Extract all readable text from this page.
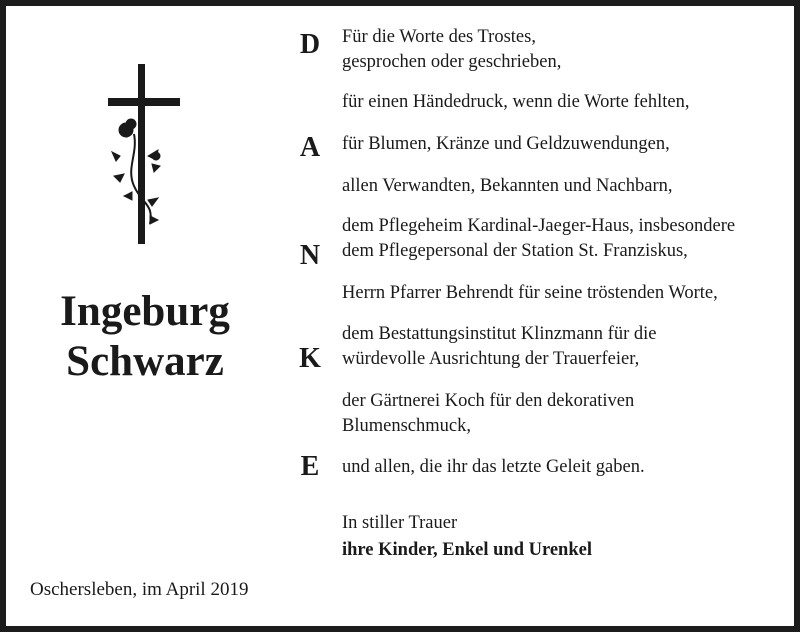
Ingeburg
Schwarz
Oschersleben, im April 2019
D
A
N
K
E
Für die Worte des Trostes,
gesprochen oder geschrieben,
für einen Händedruck, wenn die Worte fehlten,
für Blumen, Kränze und Geldzuwendungen,
allen Verwandten, Bekannten und Nachbarn,
dem Pflegeheim Kardinal-Jaeger-Haus, insbesondere
dem Pflegepersonal der Station St. Franziskus,
Herrn Pfarrer Behrendt für seine tröstenden Worte,
dem Bestattungsinstitut Klinzmann für die
würdevolle Ausrichtung der Trauerfeier,
der Gärtnerei Koch für den dekorativen
Blumenschmuck,
und allen, die ihr das letzte Geleit gaben.
In stiller Trauer
ihre Kinder, Enkel und Urenkel
